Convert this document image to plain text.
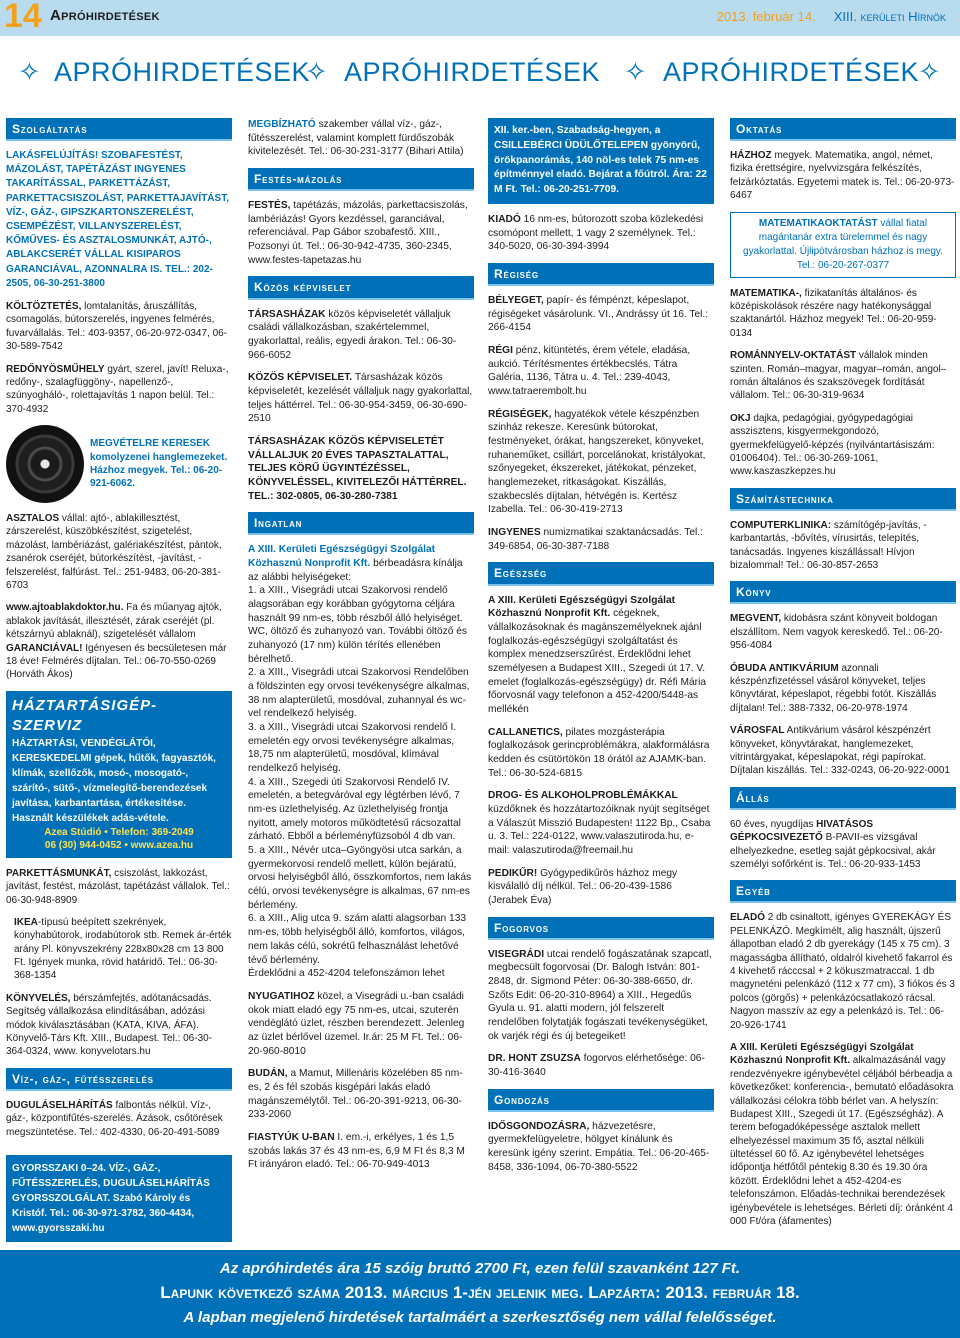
14 Apróhirdetések	2013. február 14. XIII. kerületi Hírnök
✧ APRÓHIRDETÉSEK
✧ APRÓHIRDETÉSEK ✧ APRÓHIRDETÉSEK
✧
Szolgáltatás
LAKÁSFELÚJÍTÁS! SZOBAFESTÉST, MÁZOLÁST, TAPÉTÁZÁST INGYENES TAKARÍTÁSSAL, PARKETTÁZÁST, PARKETTACSISZOLÁST, PARKETTAJAVÍTÁST, VÍZ-, GÁZ-, GIPSZKARTONSZERELÉST, CSEMPÉZÉST, VILLANYSZERELÉST, KŐMŰVES- ÉS ASZTALOSMUNKÁT, AJTÓ-, ABLAKCSERÉT VÁLLAL KISIPAROS GARANCIÁVAL, AZONNALRA IS. TEL.: 202-2505, 06-30-251-3800
KÖLTÖZTETÉS, lomtalanítás, áruszállítás, csomagolás, bútorszerelés, ingyenes felmérés, fuvarvállalás. Tel.: 403-9357, 06-20-972-0347, 06-30-589-7542
REDŐNYÖSMŰHELY gyárt, szerel, javít! Reluxa-, redőny-, szalagfüggöny-, napellenző-, szúnyogháló-, rolettajavítás 1 napon belül. Tel.: 370-4932
MEGVÉTELRE KERESEK komolyzenei hanglemezeket. Házhoz megyek. Tel.: 06-20-921-6062.
ASZTALOS vállal: ajtó-, ablakillesztést, zárszerelést, küszöbkészítést, szigetelést, mázolást, lambériázást, galériakészítést, pántok, zsanérok cseréjét, bútorkészítést, -javítást, -felszerelést, falfúrást. Tel.: 251-9483, 06-20-381-6703
www.ajtoablakdoktor.hu. Fa és műanyag ajtók, ablakok javítását, illesztését, zárak cseréjét (pl. kétszárnyú ablaknál), szigetelését vállalom GARANCIÁVAL! Igényesen és becsületesen már 18 éve! Felmérés díjtalan. Tel.: 06-70-550-0269 (Horváth Ákos)
HÁZTARTÁSIGÉP-SZERVIZ

HÁZTARTÁSI, VENDÉGLÁTÓI, KERESKEDELMI gépek, hűtők, fagyasztók, klímák, szellőzők, mosó-, mosogató-, szárító-, sütő-, vízmelegítő-berendezések javítása, karbantartása, értékesítése. Használt készülékek adás-vétele.

Azea Stúdió • Telefon: 369-2049
06 (30) 944-0452 • www.azea.hu
PARKETTÁSMUNKÁT, csiszolást, lakkozást, javítást, festést, mázolást, tapétázást vállalok. Tel.: 06-30-948-8909
IKEA-típusú beépített szekrények, konyhabútorok, irodabútorok stb. Remek ár-érték arány Pl. könyvszekrény 228x80x28 cm 13 800 Ft. Igények munka, rövid határidő. Tel.: 06-30-368-1354
KÖNYVELÉS, bérszámfejtés, adótanácsadás. Segítség vállalkozása elindításában, adózási módok kiválasztásában (KATA, KIVA, ÁFA). Könyvelő-Társ Kft. XIII., Budapest. Tel.: 06-30-364-0324, www. konyvelotars.hu
Víz-, gáz-, fűtésszerelés
DUGULÁSELHÁRÍTÁS falbontás nélkül. Víz-, gáz-, központifűtés-szerelés. Ázások, csőtörések megszüntetése. Tel.: 402-4330, 06-20-491-5089
GYORSSZAKI 0–24. VÍZ-, GÁZ-, FŰTÉSSZERELÉS, DUGULÁSELHÁRÍTÁS GYORSSZOLGÁLAT. Szabó Károly és Kristóf. Tel.: 06-30-971-3782, 360-4434, www.gyorsszaki.hu
MEGBÍZHATÓ szakember vállal víz-, gáz-, fűtésszerelést, valamint komplett fürdőszobák kivitelezését. Tel.: 06-30-231-3177 (Bihari Attila)
Festés-mázolás
FESTÉS, tapétázás, mázolás, parkettacsiszolás, lambériázás! Gyors kezdéssel, garanciával, referenciával. Pap Gábor szobafestő. XIII., Pozsonyi út. Tel.: 06-30-942-4735, 360-2345, www.festes-tapetazas.hu
Közös képviselet
TÁRSASHÁZAK közös képviseletét vállaljuk családi vállalkozásban, szakértelemmel, gyakorlattal, reális, egyedi árakon. Tel.: 06-30-966-6052
KÖZÖS KÉPVISELET. Társasházak közös képviseletét, kezelését vállaljuk nagy gyakorlattal, teljes háttérrel. Tel.: 06-30-954-3459, 06-30-690-2510
TÁRSASHÁZAK KÖZÖS KÉPVISELETÉT VÁLLALJUK 20 ÉVES TAPASZTALATTAL, TELJES KÖRŰ ÜGYINTÉZÉSSEL, KÖNYVELÉSSEL, KIVITELEZŐI HÁTTÉRREL. TEL.: 302-0805, 06-30-280-7381
Ingatlan

A XIII. Kerületi Egészségügyi Szolgálat Közhasznú Nonprofit Kft. bérbeadásra kínálja az alábbi helyiségeket:

1. a XIII., Visegrádi utcai Szakorvosi rendelő alagsorában egy korábban gyógytorna céljára használt 99 nm-es, több részből álló helyiséget. WC, öltöző és zuhanyozó van. További öltöző és zuhanyozó (17 nm) külön térítés ellenében bérelhető.

2. a XIII., Visegrádi utcai Szakorvosi Rendelőben a földszinten egy orvosi tevékenységre alkalmas, 38 nm alapterületű, mosdóval, zuhannyal és wc-vel rendelkező helyiség.

3. a XIII., Visegrádi utcai Szakorvosi rendelő I. emeletén egy orvosi tevékenységre alkalmas, 18,75 nm alapterületű, mosdóval, klímával rendelkező helyiség.

4. a XIII., Szegedi úti Szakorvosi Rendelő IV. emeletén, a betegváróval egy légtérben lévő, 7 nm-es üzlethelyiség. Az üzlethelyiség frontja nyitott, amely motoros működtetésű rácsozattal zárható. Ebből a bérleményfüzsoból 4 db van.

5. a XIII., Névér utca–Gyöngyösi utca sarkán, a gyermekorvosi rendelő mellett, külön bejáratú, orvosi helyiségből álló, összkomfortos, nem lakás célú, orvosi tevékenységre is alkalmas, 67 nm-es bérlemény.

6. a XIII., Alig utca 9. szám alatti alagsorban 133 nm-es, több helyiségből álló, komfortos, világos, nem lakás célú, sokrétű felhasználást lehetővé tévő bérlemény.

Érdeklődni a 452-4204 telefonszámon lehet

NYUGATIHOZ közel, a Visegrádi u.-ban családi okok miatt eladó egy 75 nm-es, utcai, szuterén vendéglátó üzlet, részben berendezett. Jelenleg az üzlet bérlővel üzemel. Ir.ár: 25 M Ft. Tel.: 06-20-960-8010
BUDÁN, a Mamut, Millenáris közelében 85 nm-es, 2 és fél szobás kisgépári lakás eladó magánszemélytől. Tel.: 06-20-391-9213, 06-30-233-2060
FIASTYÚK U-BAN I. em.-i, erkélyes, 1 és 1,5 szobás lakás 37 és 43 nm-es, 6,9 M Ft és 8,3 M Ft irányáron eladó. Tel.: 06-70-949-4013
XII. ker.-ben, Szabadság-hegyen, a CSILLEBÉRCI ÜDÜLŐTELEPEN gyönyörű, örökpanorámás, 140 nöl-es telek 75 nm-es építménnyel eladó. Bejárat a főútról. Ára: 22 M Ft. Tel.: 06-20-251-7709.
KIADÓ 16 nm-es, bútorozott szoba közlekedési csomópont mellett, 1 vagy 2 személynek. Tel.: 340-5020, 06-30-394-3994
Régiség
BÉLYEGET, papír- és fémpénzt, képeslapot, régiségeket vásárolunk. VI., Andrássy út 16. Tel.: 266-4154
RÉGI pénz, kitüntetés, érem vétele, eladása, aukció. Térítésmentes értékbecslés. Tátra Galéria, 1136, Tátra u. 4. Tel.: 239-4043, www.tatraerembolt.hu
RÉGISÉGEK, hagyatékok vétele készpénzben szinház rekesze. Keresünk bútorokat, festményeket, órákat, hangszereket, könyveket, ruhaneműket, csillárt, porcelánokat, kristályokat, szőnyegeket, ékszereket, játékokat, pénzeket, hanglemezeket, ritkaságokat. Kiszállás, szakbecslés díjtalan, hétvégén is. Kertész Izabella. Tel.: 06-30-419-2713
INGYENES numizmatikai szaktanácsadás. Tel.: 349-6854, 06-30-387-7188
Egészség
A XIII. Kerületi Egészségügyi Szolgálat Közhasznú Nonprofit Kft. cégeknek, vállalkozásoknak és magánszemélyeknek ajánl foglalkozás-egészségügyi szolgáltatást és komplex menedzserszűrést. Érdeklődni lehet személyesen a Budapest XIII., Szegedi út 17. V. emelet (foglalkozás-egészségügy) dr. Réfi Mária főorvosnál vagy telefonon a 452-4200/5448-as mellékén
CALLANETICS, pilates mozgásterápia foglalkozások gerincproblémákra, alakformálásra kedden és csütörtökön 18 órától az AJAMK-ban. Tel.: 06-30-524-6815
DROG- ÉS ALKOHOLPROBLÉMÁKKAL küzdőknek és hozzátartozóiknak nyújt segítséget a Válaszút Misszió Budapesten! 1122 Bp., Csaba u. 3. Tel.: 224-0122, www.valaszutiroda.hu, e-mail: valaszutiroda@freemail.hu
PEDIKŰR! Gyógypedikűrös házhoz megy kisválalló díj nélkül. Tel.: 06-20-439-1586 (Jerabek Éva)
Fogorvos
VISEGRÁDI utcai rendelő fogászatának szapcatl, megbecsült fogorvosai (Dr. Balogh István: 801-2848, dr. Sigmond Péter: 06-30-388-6650, dr. Szőts Edit: 06-20-310-8964) a XIII., Hegedűs Gyula u. 91. alatti modern, jól felszerelt rendelőben folytatják fogászati tevékenységüket, ok varjék régi és új betegeiket!
DR. HONT ZSUZSA fogorvos elérhetősége: 06-30-416-3640
Gondozás
IDŐSGONDOZÁSRA, házvezetésre, gyermekfelügyeletre, hölgyet kínálunk és keresünk igény szerint. Empátia. Tel.: 06-20-465-8458, 336-1094, 06-70-380-5522
Oktatás
HÁZHOZ megyek. Matematika, angol, német, fizika érettségire, nyelvvizsgára felkészítés, felzárkóztatás. Egyetemi matek is. Tel.: 06-20-973-6467
MATEMATIKAOKTATÁST vállal fiatal magántanár extra türelemmel és nagy gyakorlattal. Újlipótvárosban házhoz is megy. Tel.: 06-20-267-0377
MATEMATIKA-, fizikatanítás általános- és középiskolások részére nagy hatékonysággal szaktanártól. Házhoz megyek! Tel.: 06-20-959-0134
ROMÁNNYELV-OKTATÁST vállalok minden szinten. Román–magyar, magyar–román, angol–román általános és szakszövegek fordítását vállalom. Tel.: 06-30-319-9634
OKJ dajka, pedagógiai, gyógypedagógiai asszisztens, kisgyermekgondozó, gyermekfelügyelő-képzés (nyilvántartásiszám: 01006404). Tel.: 06-30-269-1061, www.kaszaszkepzes.hu
Számítástechnika
COMPUTERKLINIKA: számítógép-javítás, -karbantartás, -bővítés, vírusirtás, telepítés, tanácsadás. Ingyenes kiszállással! Hívjon bizalommal! Tel.: 06-30-857-2653
Könyv
MEGVENT, kidobásra szánt könyveit boldogan elszállítom. Nem vagyok kereskedő. Tel.: 06-20-956-4084
ÓBUDA ANTIKVÁRIUM azonnali készpénzfizetéssel vásárol könyveket, teljes könyvtárat, képeslapot, régebbi fotót. Kiszállás díjtalan! Tel.: 388-7332, 06-20-978-1974
VÁROSFAL Antikvárium vásárol készpénzért könyveket, könyvtárakat, hanglemezeket, vitrintárgyakat, képeslapokat, régi papírokat. Díjtalan kiszállás. Tel.: 332-0243, 06-20-922-0001
Állás
60 éves, nyugdíjas HIVATÁSOS GÉPKOCSIVEZETŐ B-PAVII-es vizsgával elhelyezkedne, esetleg saját gépkocsival, akár személyi sofőrként is. Tel.: 06-20-933-1453
Egyéb
ELADÓ 2 db csinaltott, igényes GYEREKÁGY ÉS PELENKÁZÓ. Megkímélt, alig használt, újszerű állapotban eladó 2 db gyerekágy (145 x 75 cm). 3 magasságba állítható, oldalról kivehető fakarrol és 4 kivehető rácccsal + 2 kökuszmatraccal. 1 db magyneténi pelenkázó (112 x 77 cm), 3 fiókos és 3 polcos (görgős) + pelenkázócsatlakozó rácsal. Nagyon masszív az egy a pelenkázó is. Tel.: 06-20-926-1741
A XIII. Kerületi Egészségügyi Szolgálat Közhasznú Nonprofit Kft. alkalmazásánál vagy rendezvényekre igénybevétel céljából bérbeadja a következőket: konferencia-, bemutató előadásokra vállalkozási célokra több bérlet van. A helyszín: Budapest XIII., Szegedi út 17. (Egészségház). A terem befogadóképessége asztalok mellett elhelyezéssel maximum 35 fő, asztal nélküli ültetéssel 60 fő. Az igénybevétel lehetséges időpontja hétfőtől péntekig 8.30 és 19.30 óra között. Érdeklődni lehet a 452-4204-es telefonszámon. Előadás-technikai berendezések igénybevétele is lehetséges. Bérleti díj: óránként 4 000 Ft/óra (áfamentes)
Az apróhirdetés ára 15 szóig bruttó 2700 Ft, ezen felül szavanként 127 Ft.
Lapunk következő száma 2013. március 1-jén jelenik meg. Lapzárta: 2013. február 18.
A lapban megjelenő hirdetések tartalmáért a szerkesztőség nem vállal felelősséget.
